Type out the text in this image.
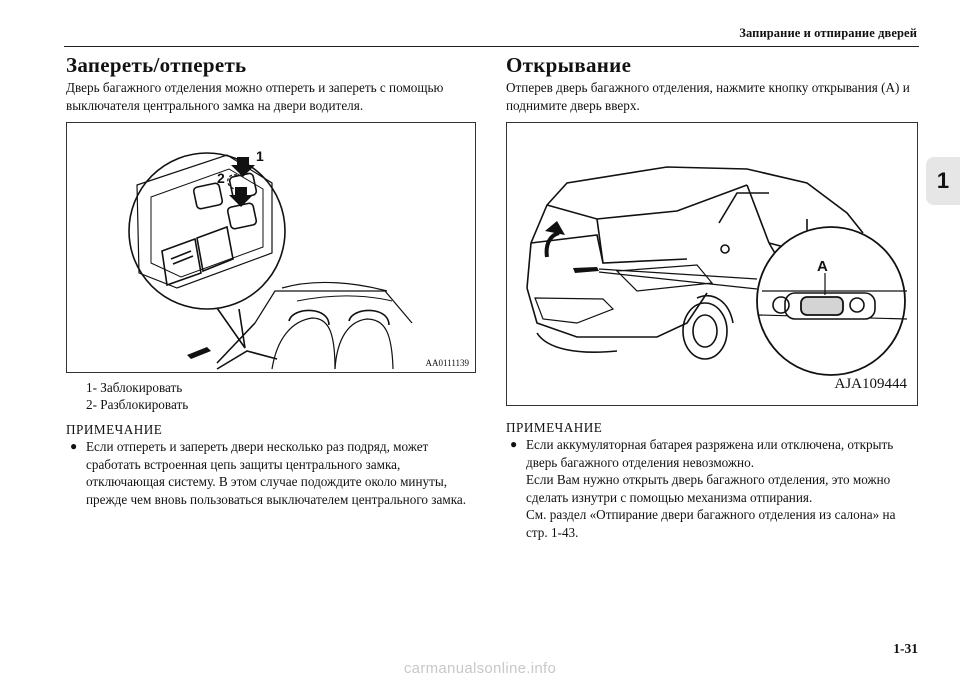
Запирание и отпирание дверей
1
Запереть/отпереть

Дверь багажного отделения можно отпереть и запереть с помощью выключателя центрального замка на двери водителя.

1
2
AA0111139
1- Заблокировать
2- Разблокировать
ПРИМЕЧАНИЕ
● Если отпереть и запереть двери несколько раз подряд, может сработать встроенная цепь защиты центрального замка, отключающая систему. В этом случае подождите около минуты, прежде чем вновь пользоваться выключателем центрального замка.
Открывание

Отперев дверь багажного отделения, нажмите кнопку открывания (А) и поднимите дверь вверх.

A
AJA109444
ПРИМЕЧАНИЕ
● Если аккумуляторная батарея разряжена или отключена, открыть дверь багажного отделения невозможно.
Если Вам нужно открыть дверь багажного отделения, это можно сделать изнутри с помощью механизма отпирания.
См. раздел «Отпирание двери багажного отделения из салона» на стр. 1-43.
1-31
carmanualsonline.info
